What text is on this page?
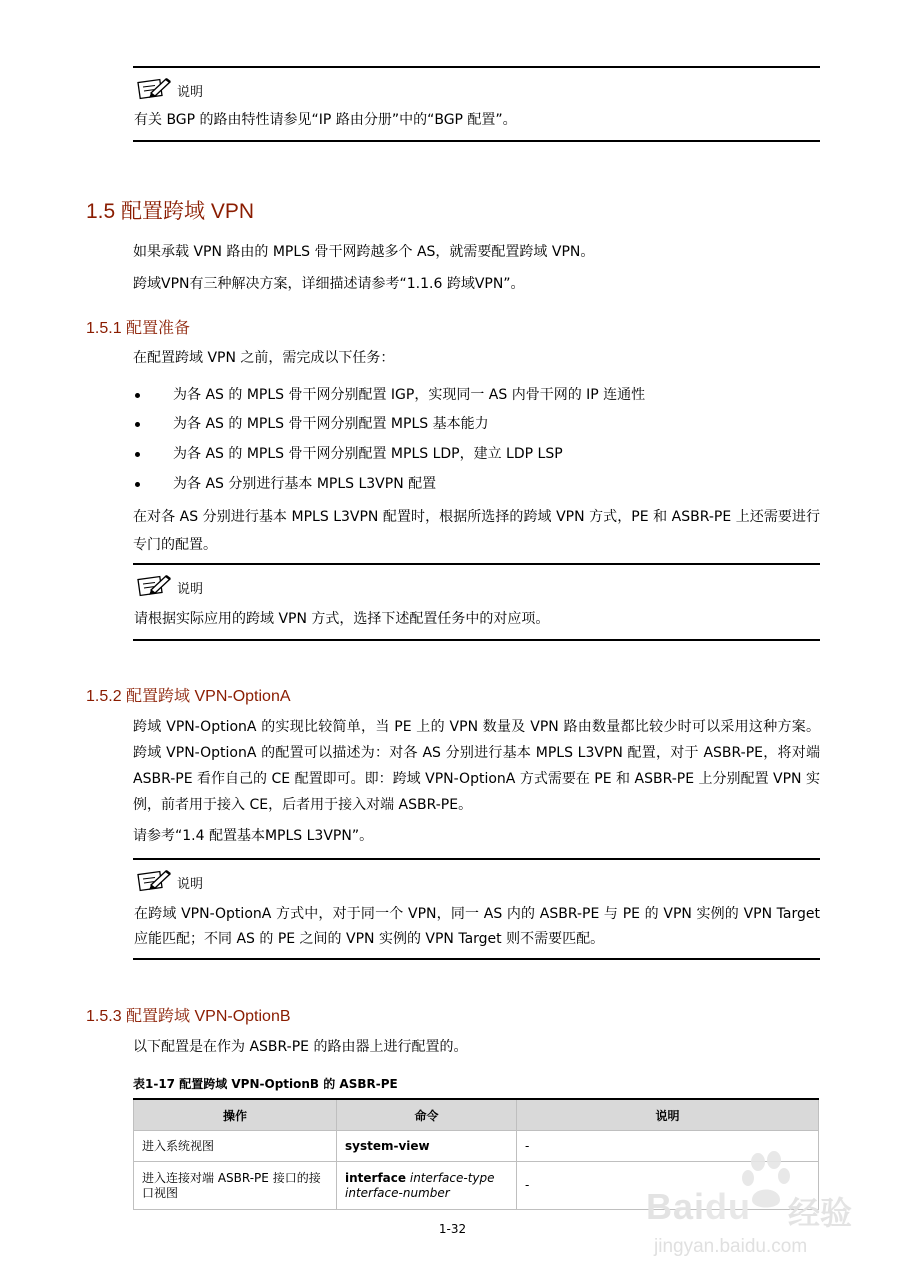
说明
有关 BGP 的路由特性请参见“IP 路由分册”中的“BGP 配置”。
1.5 配置跨域 VPN
如果承载 VPN 路由的 MPLS 骨干网跨越多个 AS，就需要配置跨域 VPN。
跨域VPN有三种解决方案，详细描述请参考“1.1.6 跨域VPN”。
1.5.1 配置准备
在配置跨域 VPN 之前，需完成以下任务：
为各 AS 的 MPLS 骨干网分别配置 IGP，实现同一 AS 内骨干网的 IP 连通性
为各 AS 的 MPLS 骨干网分别配置 MPLS 基本能力
为各 AS 的 MPLS 骨干网分别配置 MPLS LDP，建立 LDP LSP
为各 AS 分别进行基本 MPLS L3VPN 配置
在对各 AS 分别进行基本 MPLS L3VPN 配置时，根据所选择的跨域 VPN 方式，PE 和 ASBR-PE 上还需要进行专门的配置。
说明
请根据实际应用的跨域 VPN 方式，选择下述配置任务中的对应项。
1.5.2 配置跨域 VPN-OptionA
跨域 VPN-OptionA 的实现比较简单，当 PE 上的 VPN 数量及 VPN 路由数量都比较少时可以采用这种方案。跨域 VPN-OptionA 的配置可以描述为：对各 AS 分别进行基本 MPLS L3VPN 配置，对于 ASBR-PE，将对端 ASBR-PE 看作自己的 CE 配置即可。即：跨域 VPN-OptionA 方式需要在 PE 和 ASBR-PE 上分别配置 VPN 实例，前者用于接入 CE，后者用于接入对端 ASBR-PE。
请参考“1.4 配置基本MPLS L3VPN”。
说明
在跨域 VPN-OptionA 方式中，对于同一个 VPN，同一 AS 内的 ASBR-PE 与 PE 的 VPN 实例的 VPN Target 应能匹配；不同 AS 的 PE 之间的 VPN 实例的 VPN Target 则不需要匹配。
1.5.3 配置跨域 VPN-OptionB
以下配置是在作为 ASBR-PE 的路由器上进行配置的。
表1-17 配置跨域 VPN-OptionB 的 ASBR-PE
操作	命令	说明
进入系统视图	system-view	-
进入连接对端 ASBR-PE 接口的接口视图	interface interface-type interface-number	-
1-32
Baidu 经验
jingyan.baidu.com
